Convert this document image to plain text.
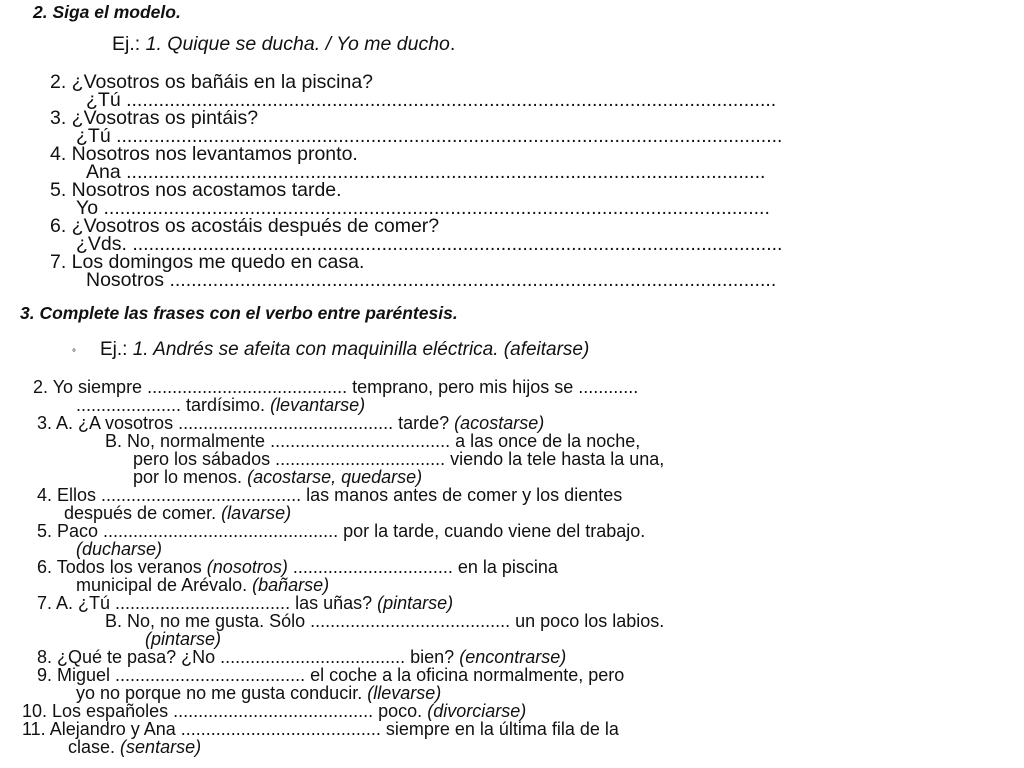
2. Siga el modelo.
Ej.: 1. Quique se ducha. / Yo me ducho.
2. ¿Vosotros os bañáis en la piscina?
¿Tú ........................................................................................................................
3. ¿Vosotras os pintáis?
¿Tú ...........................................................................................................................
4. Nosotros nos levantamos pronto.
Ana ......................................................................................................................
5. Nosotros nos acostamos tarde.
Yo ...........................................................................................................................
6. ¿Vosotros os acostáis después de comer?
¿Vds. ........................................................................................................................
7. Los domingos me quedo en casa.
Nosotros ................................................................................................................
3. Complete las frases con el verbo entre paréntesis.
° Ej.: 1. Andrés se afeita con maquinilla eléctrica. (afeitarse)
2. Yo siempre ........................................ temprano, pero mis hijos se ............
..................... tardísimo. (levantarse)
3. A. ¿A vosotros ........................................... tarde? (acostarse)
B. No, normalmente .................................... a las once de la noche,
pero los sábados .................................. viendo la tele hasta la una,
por lo menos. (acostarse, quedarse)
4. Ellos ........................................ las manos antes de comer y los dientes
después de comer. (lavarse)
5. Paco ............................................... por la tarde, cuando viene del trabajo.
(ducharse)
6. Todos los veranos (nosotros) ................................ en la piscina
municipal de Arévalo. (bañarse)
7. A. ¿Tú ................................... las uñas? (pintarse)
B. No, no me gusta. Sólo ........................................ un poco los labios.
(pintarse)
8. ¿Qué te pasa? ¿No ..................................... bien? (encontrarse)
9. Miguel ...................................... el coche a la oficina normalmente, pero
yo no porque no me gusta conducir. (llevarse)
10. Los españoles ........................................ poco. (divorciarse)
11. Alejandro y Ana ........................................ siempre en la última fila de la
clase. (sentarse)
